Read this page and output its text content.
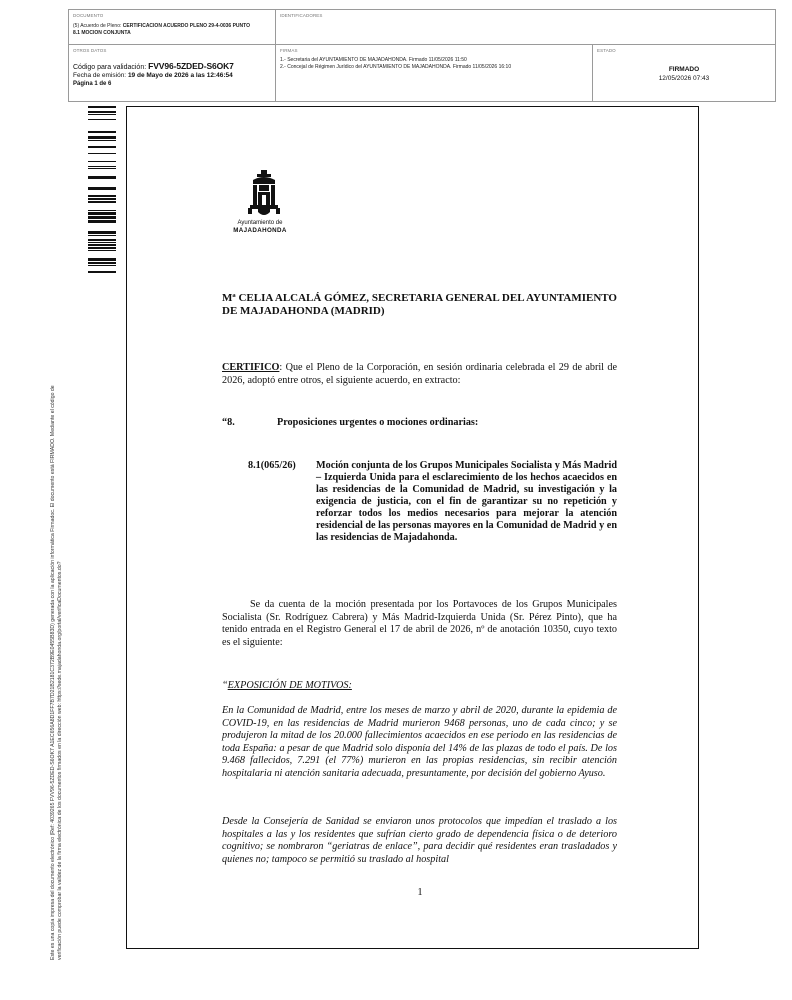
DOCUMENTO
(5) Acuerdo de Pleno: CERTIFICACION ACUERDO PLENO 29-4-0036 PUNTO
8.1 MOCION CONJUNTA
IDENTIFICADORES
OTROS DATOS
Código para validación: FVV96-5ZDED-S6OK7
Fecha de emisión: 19 de Mayo de 2026 a las 12:46:54
Página 1 de 6
FIRMAS
1.- Secretaria del AYUNTAMIENTO DE MAJADAHONDA. Firmado 11/05/2026 11:50
2.- Concejal de Régimen Jurídico del AYUNTAMIENTO DE MAJADAHONDA. Firmado 11/05/2026 16:10
ESTADO
FIRMADO
12/05/2026 07:43
Este es una copia impresa del documento electrónico (Ref: 4039265 FVV96-5ZDED-S6OK7 A1EC656A8D1FF7B7D21B2181C372B9E0455B83D) generada con la aplicación informática Firmadoc. El documento está FIRMADO. Mediante el código de verificación puede comprobar la validez de la firma electrónica de los documentos firmados en la dirección web: https://sede.majadahonda.org/portal/verificaDocumentos.do?
Ayuntamiento de
MAJADAHONDA
Mª CELIA ALCALÁ GÓMEZ, SECRETARIA GENERAL DEL AYUNTAMIENTO DE MAJADAHONDA (MADRID)
CERTIFICO: Que el Pleno de la Corporación, en sesión ordinaria celebrada el 29 de abril de 2026, adoptó entre otros, el siguiente acuerdo, en extracto:
“8.	Proposiciones urgentes o mociones ordinarias:
8.1(065/26) Moción conjunta de los Grupos Municipales Socialista y Más Madrid – Izquierda Unida para el esclarecimiento de los hechos acaecidos en las residencias de la Comunidad de Madrid, su investigación y la exigencia de justicia, con el fin de garantizar su no repetición y reforzar todos los medios necesarios para mejorar la atención residencial de las personas mayores en la Comunidad de Madrid y en las residencias de Majadahonda.
Se da cuenta de la moción presentada por los Portavoces de los Grupos Municipales Socialista (Sr. Rodríguez Cabrera) y Más Madrid-Izquierda Unida (Sr. Pérez Pinto), que ha tenido entrada en el Registro General el 17 de abril de 2026, nº de anotación 10350, cuyo texto es el siguiente:
“EXPOSICIÓN DE MOTIVOS:
En la Comunidad de Madrid, entre los meses de marzo y abril de 2020, durante la epidemia de COVID-19, en las residencias de Madrid murieron 9468 personas, uno de cada cinco; y se produjeron la mitad de los 20.000 fallecimientos acaecidos en ese periodo en las residencias de toda España: a pesar de que Madrid solo disponía del 14% de las plazas de todo el país. De los 9.468 fallecidos, 7.291 (el 77%) murieron en las propias residencias, sin recibir atención hospitalaria ni atención sanitaria adecuada, presuntamente, por decisión del gobierno Ayuso.
Desde la Consejería de Sanidad se enviaron unos protocolos que impedían el traslado a los hospitales a las y los residentes que sufrían cierto grado de dependencia física o de deterioro cognitivo; se nombraron “geriatras de enlace”, para decidir qué residentes eran trasladados y quienes no; tampoco se permitió su traslado al hospital
1
